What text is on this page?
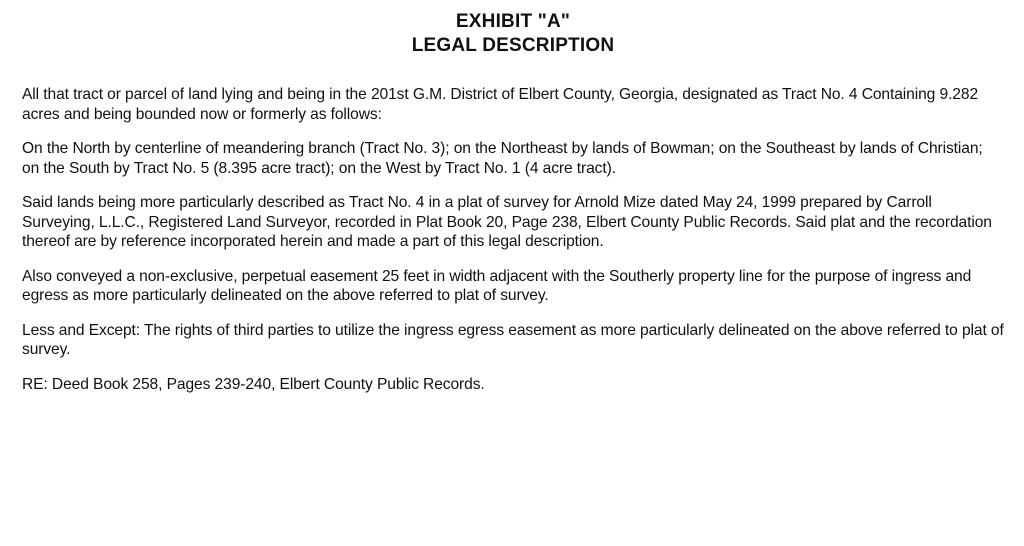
EXHIBIT "A"
LEGAL DESCRIPTION

All that tract or parcel of land lying and being in the 201st G.M. District of Elbert County, Georgia, designated as Tract No. 4 Containing 9.282 acres and being bounded now or formerly as follows:

On the North by centerline of meandering branch (Tract No. 3); on the Northeast by lands of Bowman; on the Southeast by lands of Christian; on the South by Tract No. 5 (8.395 acre tract); on the West by Tract No. 1 (4 acre tract).

Said lands being more particularly described as Tract No. 4 in a plat of survey for Arnold Mize dated May 24, 1999 prepared by Carroll Surveying, L.L.C., Registered Land Surveyor, recorded in Plat Book 20, Page 238, Elbert County Public Records. Said plat and the recordation thereof are by reference incorporated herein and made a part of this legal description.

Also conveyed a non-exclusive, perpetual easement 25 feet in width adjacent with the Southerly property line for the purpose of ingress and egress as more particularly delineated on the above referred to plat of survey.

Less and Except: The rights of third parties to utilize the ingress egress easement as more particularly delineated on the above referred to plat of survey.

RE: Deed Book 258, Pages 239-240, Elbert County Public Records.
